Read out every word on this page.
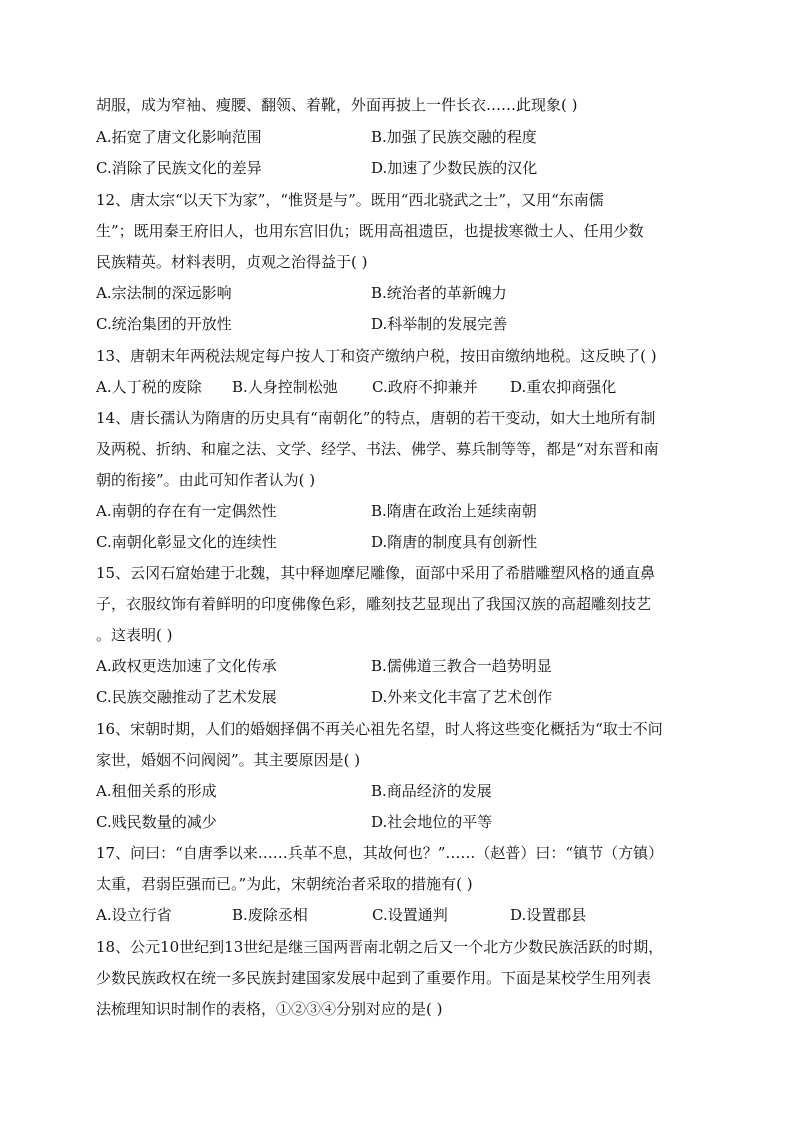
胡服，成为窄袖、瘦腰、翻领、着靴，外面再披上一件长衣……此现象( )
A.拓宽了唐文化影响范围	B.加强了民族交融的程度
C.消除了民族文化的差异	D.加速了少数民族的汉化
12、唐太宗“以天下为家”，“惟贤是与”。既用“西北骁武之士”，又用“东南儒
生”；既用秦王府旧人，也用东宫旧仇；既用高祖遗臣，也提拔寒微士人、任用少数
民族精英。材料表明，贞观之治得益于( )
A.宗法制的深远影响	B.统治者的革新魄力
C.统治集团的开放性	D.科举制的发展完善
13、唐朝末年两税法规定每户按人丁和资产缴纳户税，按田亩缴纳地税。这反映了( )
A.人丁税的废除 B.人身控制松弛 C.政府不抑兼并 D.重农抑商强化
14、唐长孺认为隋唐的历史具有“南朝化”的特点，唐朝的若干变动，如大土地所有制
及两税、折纳、和雇之法、文学、经学、书法、佛学、募兵制等等，都是“对东晋和南
朝的衔接”。由此可知作者认为( )
A.南朝的存在有一定偶然性	B.隋唐在政治上延续南朝
C.南朝化彰显文化的连续性	D.隋唐的制度具有创新性
15、云冈石窟始建于北魏，其中释迦摩尼雕像，面部中采用了希腊雕塑风格的通直鼻
子，衣服纹饰有着鲜明的印度佛像色彩，雕刻技艺显现出了我国汉族的高超雕刻技艺
。这表明( )
A.政权更迭加速了文化传承	B.儒佛道三教合一趋势明显
C.民族交融推动了艺术发展	D.外来文化丰富了艺术创作
16、宋朝时期，人们的婚姻择偶不再关心祖先名望，时人将这些变化概括为“取士不问
家世，婚姻不问阀阅”。其主要原因是( )
A.租佃关系的形成	B.商品经济的发展
C.贱民数量的减少	D.社会地位的平等
17、问曰：“自唐季以来……兵革不息，其故何也？”……（赵普）曰：“镇节（方镇）
太重，君弱臣强而已。”为此，宋朝统治者采取的措施有( )
A.设立行省	B.废除丞相	C.设置通判	D.设置郡县
18、公元10世纪到13世纪是继三国两晋南北朝之后又一个北方少数民族活跃的时期，
少数民族政权在统一多民族封建国家发展中起到了重要作用。下面是某校学生用列表
法梳理知识时制作的表格，①②③④分别对应的是( )
